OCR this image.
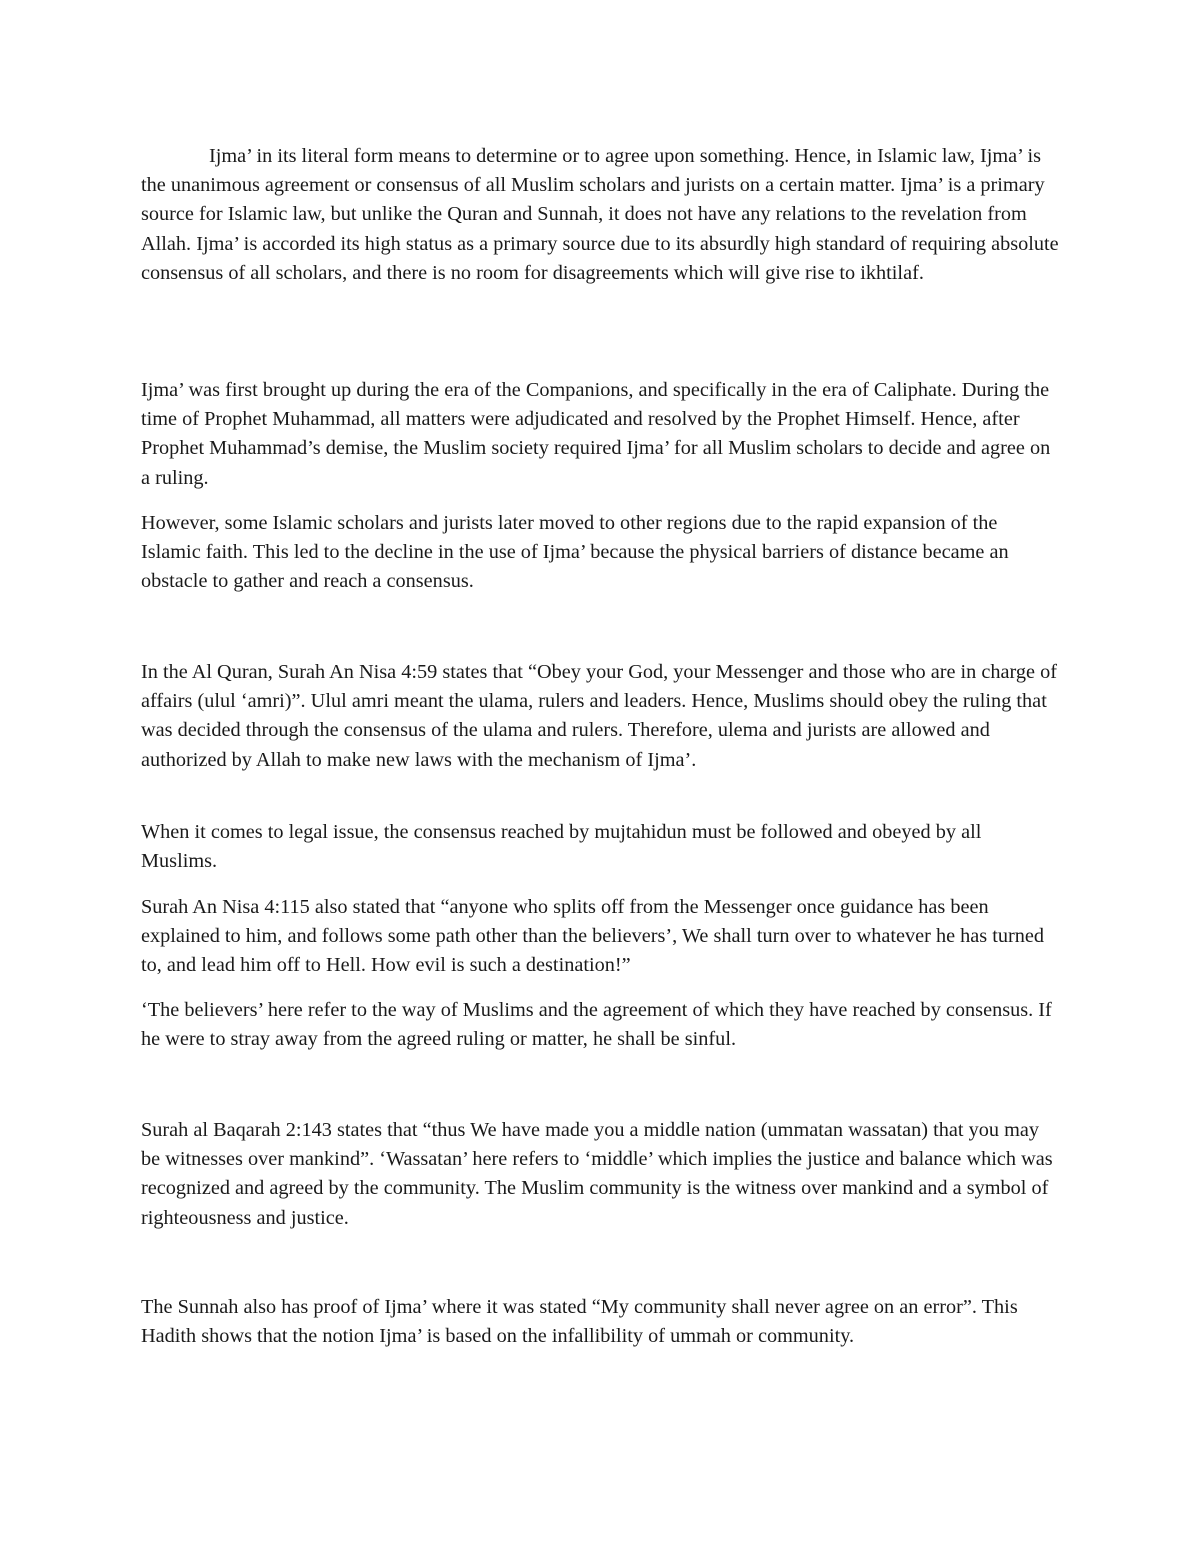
Ijma’ in its literal form means to determine or to agree upon something. Hence, in Islamic law, Ijma’ is the unanimous agreement or consensus of all Muslim scholars and jurists on a certain matter. Ijma’ is a primary source for Islamic law, but unlike the Quran and Sunnah, it does not have any relations to the revelation from Allah. Ijma’ is accorded its high status as a primary source due to its absurdly high standard of requiring absolute consensus of all scholars, and there is no room for disagreements which will give rise to ikhtilaf.

Ijma’ was first brought up during the era of the Companions, and specifically in the era of Caliphate. During the time of Prophet Muhammad, all matters were adjudicated and resolved by the Prophet Himself. Hence, after Prophet Muhammad’s demise, the Muslim society required Ijma’ for all Muslim scholars to decide and agree on a ruling.

However, some Islamic scholars and jurists later moved to other regions due to the rapid expansion of the Islamic faith. This led to the decline in the use of Ijma’ because the physical barriers of distance became an obstacle to gather and reach a consensus.

In the Al Quran, Surah An Nisa 4:59 states that “Obey your God, your Messenger and those who are in charge of affairs (ulul ‘amri)”. Ulul amri meant the ulama, rulers and leaders. Hence, Muslims should obey the ruling that was decided through the consensus of the ulama and rulers. Therefore, ulema and jurists are allowed and authorized by Allah to make new laws with the mechanism of Ijma’.

When it comes to legal issue, the consensus reached by mujtahidun must be followed and obeyed by all Muslims.

Surah An Nisa 4:115 also stated that “anyone who splits off from the Messenger once guidance has been explained to him, and follows some path other than the believers’, We shall turn over to whatever he has turned to, and lead him off to Hell. How evil is such a destination!”

‘The believers’ here refer to the way of Muslims and the agreement of which they have reached by consensus. If he were to stray away from the agreed ruling or matter, he shall be sinful.

Surah al Baqarah 2:143 states that “thus We have made you a middle nation (ummatan wassatan) that you may be witnesses over mankind”. ‘Wassatan’ here refers to ‘middle’ which implies the justice and balance which was recognized and agreed by the community. The Muslim community is the witness over mankind and a symbol of righteousness and justice.

The Sunnah also has proof of Ijma’ where it was stated “My community shall never agree on an error”. This Hadith shows that the notion Ijma’ is based on the infallibility of ummah or community.
